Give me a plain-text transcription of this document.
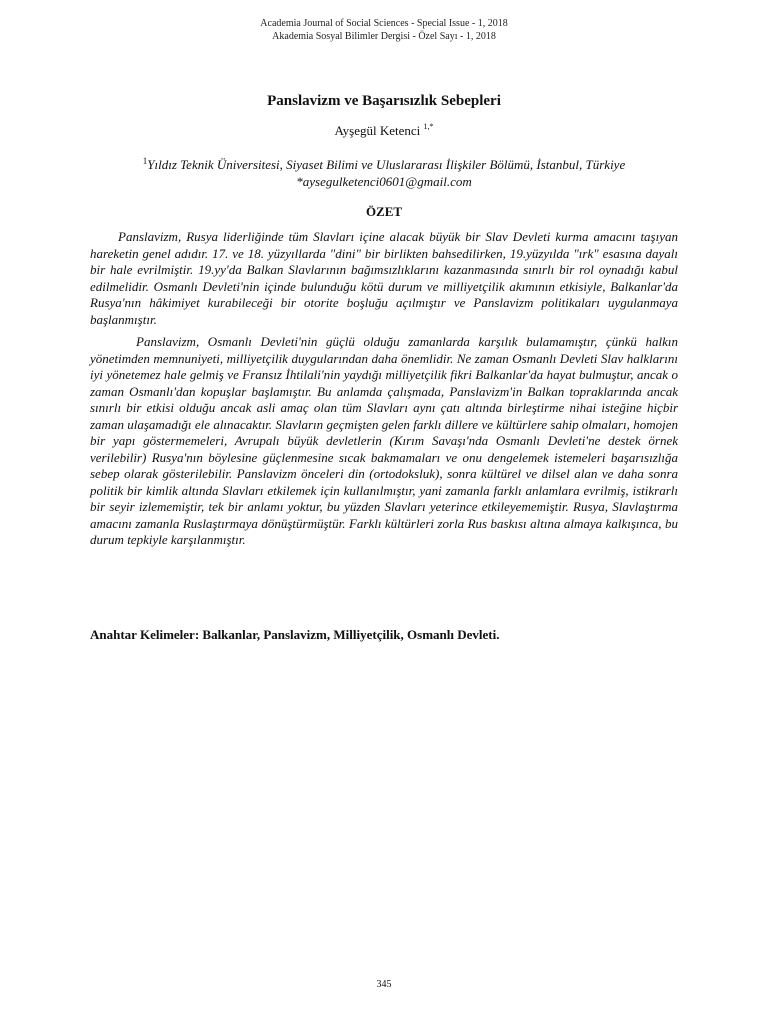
Academia Journal of Social Sciences - Special Issue - 1, 2018
Akademia Sosyal Bilimler Dergisi - Özel Sayı - 1, 2018
Panslavizm ve Başarısızlık Sebepleri
Ayşegül Ketenci $^{1,*}$
$^1$Yıldız Teknik Üniversitesi, Siyaset Bilimi ve Uluslararası İlişkiler Bölümü, İstanbul, Türkiye
*aysegulketenci0601@gmail.com
ÖZET

Panslavizm, Rusya liderliğinde tüm Slavları içine alacak büyük bir Slav Devleti kurma amacını taşıyan hareketin genel adıdır. 17. ve 18. yüzyıllarda "dini" bir birlikten bahsedilirken, 19.yüzyılda "ırk" esasına dayalı bir hale evrilmiştir. 19.yy'da Balkan Slavlarının bağımsızlıklarını kazanmasında sınırlı bir rol oynadığı kabul edilmelidir. Osmanlı Devleti'nin içinde bulunduğu kötü durum ve milliyetçilik akımının etkisiyle, Balkanlar'da Rusya'nın hâkimiyet kurabileceği bir otorite boşluğu açılmıştır ve Panslavizm politikaları uygulanmaya başlanmıştır.

Panslavizm, Osmanlı Devleti'nin güçlü olduğu zamanlarda karşılık bulamamıştır, çünkü halkın yönetimden memnuniyeti, milliyetçilik duygularından daha önemlidir. Ne zaman Osmanlı Devleti Slav halklarını iyi yönetemez hale gelmiş ve Fransız İhtilali'nin yaydığı milliyetçilik fikri Balkanlar'da hayat bulmuştur, ancak o zaman Osmanlı'dan kopuşlar başlamıştır. Bu anlamda çalışmada, Panslavizm'in Balkan topraklarında ancak sınırlı bir etkisi olduğu ancak asli amaç olan tüm Slavları aynı çatı altında birleştirme nihai isteğine hiçbir zaman ulaşamadığı ele alınacaktır. Slavların geçmişten gelen farklı dillere ve kültürlere sahip olmaları, homojen bir yapı göstermemeleri, Avrupalı büyük devletlerin (Kırım Savaşı'nda Osmanlı Devleti'ne destek örnek verilebilir) Rusya'nın böylesine güçlenmesine sıcak bakmamaları ve onu dengelemek istemeleri başarısızlığa sebep olarak gösterilebilir. Panslavizm önceleri din (ortodoksluk), sonra kültürel ve dilsel alan ve daha sonra politik bir kimlik altında Slavları etkilemek için kullanılmıştır, yani zamanla farklı anlamlara evrilmiş, istikrarlı bir seyir izlememiştir, tek bir anlamı yoktur, bu yüzden Slavları yeterince etkileyememiştir. Rusya, Slavlaştırma amacını zamanla Ruslaştırmaya dönüştürmüştür. Farklı kültürleri zorla Rus baskısı altına almaya kalkışınca, bu durum tepkiyle karşılanmıştır.

Anahtar Kelimeler: Balkanlar, Panslavizm, Milliyetçilik, Osmanlı Devleti.
345
